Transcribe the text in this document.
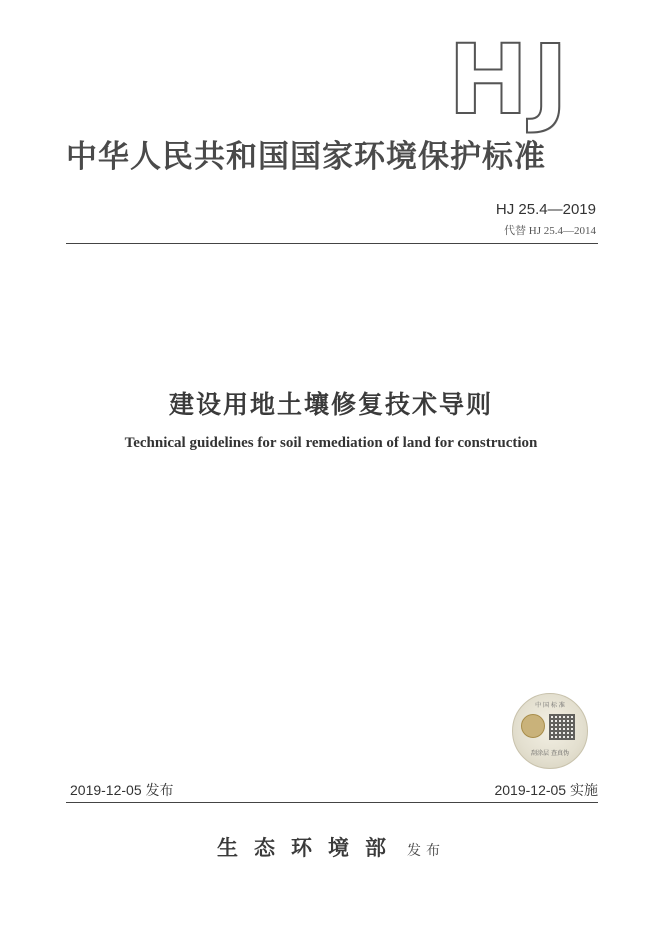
HJ
中华人民共和国国家环境保护标准
HJ 25.4—2019
代替 HJ 25.4—2014
建设用地土壤修复技术导则
Technical guidelines for soil remediation of land for construction
中 国 标 准
刮涂层 查真伪
2019-12-05 发布	2019-12-05 实施
生态环境部 发布
